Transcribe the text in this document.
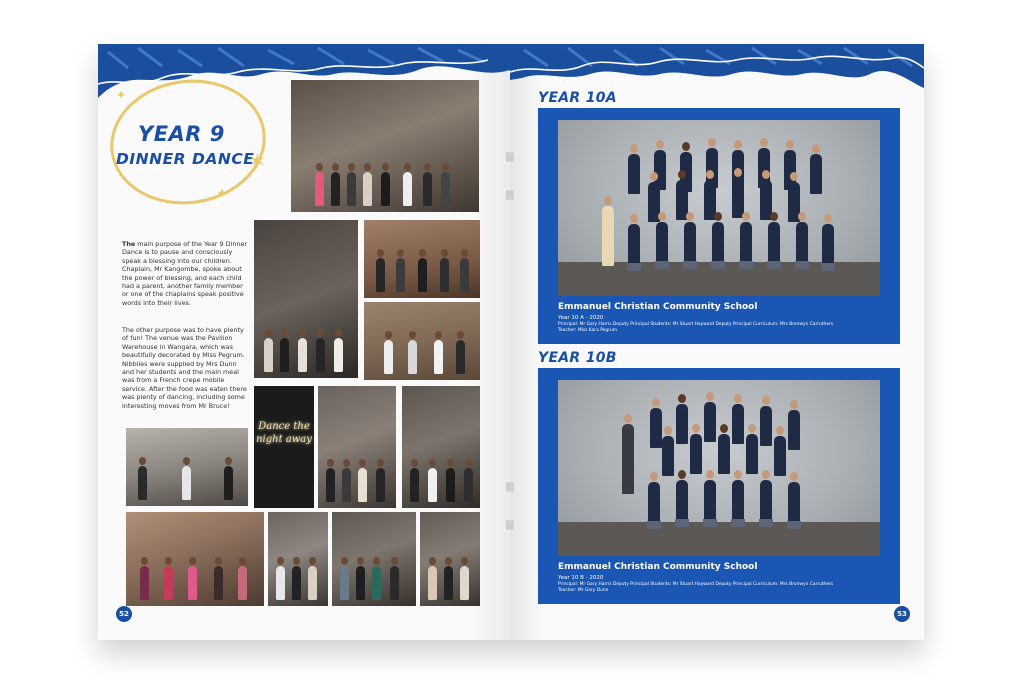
YEAR 9
DINNER DANCE
✶
✦
✦
The main purpose of the Year 9 Dinner Dance is to pause and consciously speak a blessing into our children. Chaplain, Mr Kangombe, spoke about the power of blessing, and each child had a parent, another family member or one of the chaplains speak positive words into their lives.
The other purpose was to have plenty of fun! The venue was the Pavilion Warehouse in Wangara, which was beautifully decorated by Miss Pegrum. Nibblies were supplied by Mrs Dunn and her students and the main meal was from a French crepe mobile service. After the food was eaten there was plenty of dancing, including some interesting moves from Mr Bruce!
Dance the night away
52
YEAR 10A
Emmanuel Christian Community School
Year 10 A - 2020
Principal: Mr Gary Harris Deputy Principal Students: Mr Stuart Hayward Deputy Principal Curriculum: Mrs Bronwyn Carruthers
Teacher: Miss Kara Pegrum
YEAR 10B
Emmanuel Christian Community School
Year 10 B - 2020
Principal: Mr Gary Harris Deputy Principal Students: Mr Stuart Hayward Deputy Principal Curriculum: Mrs Bronwyn Carruthers
Teacher: Mr Gary Dunn
53
